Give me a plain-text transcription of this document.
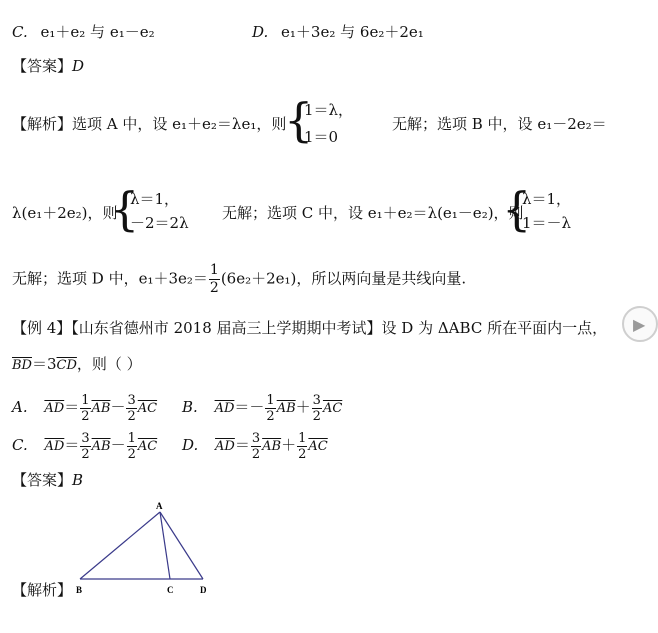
C. e₁＋e₂ 与 e₁－e₂	D. e₁＋3e₂ 与 6e₂＋2e₁
【答案】D
【解析】选项 A 中，设 e₁＋e₂＝λe₁，则
{
1＝λ，
1＝0
无解；选项 B 中，设 e₁－2e₂＝
λ(e₁＋2e₂)，则
{
λ＝1，
－2＝2λ
无解；选项 C 中，设 e₁＋e₂＝λ(e₁－e₂)，则
{
λ＝1，
1＝－λ
无解；选项 D 中，$e_1+3e_2= \frac{1}{2} (6e_2+2e_1)$，所以两向量是共线向量.
【例 4】【山东省德州市 2018 届高三上学期期中考试】设 D 为 ΔABC 所在平面内一点，
$\overline{BD}=3\overline{CD}$，则（ ）
A. $\overline{AD}= \frac{1}{2} \overline{AB}- \frac{3}{2} \overline{AC}$ B. $\overline{AD}=- \frac{1}{2} \overline{AB}+ \frac{3}{2} \overline{AC}$
C. $\overline{AD}= \frac{3}{2} \overline{AB}- \frac{1}{2} \overline{AC}$ D. $\overline{AD}= \frac{3}{2} \overline{AB}+ \frac{1}{2} \overline{AC}$
【答案】B
A
B	C	D
【解析】
▶
